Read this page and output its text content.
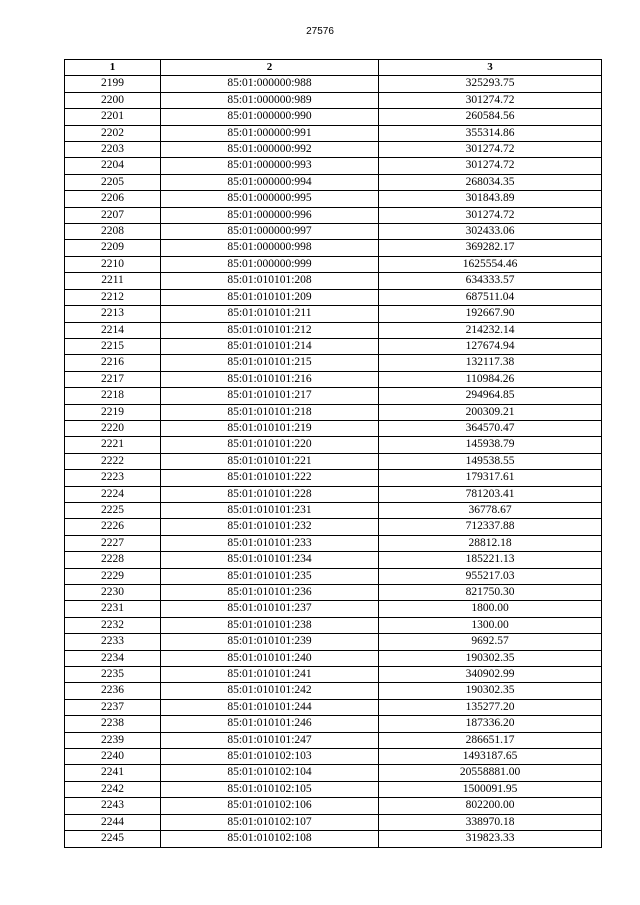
27576
1	2	3
2199	85:01:000000:988	325293.75
2200	85:01:000000:989	301274.72
2201	85:01:000000:990	260584.56
2202	85:01:000000:991	355314.86
2203	85:01:000000:992	301274.72
2204	85:01:000000:993	301274.72
2205	85:01:000000:994	268034.35
2206	85:01:000000:995	301843.89
2207	85:01:000000:996	301274.72
2208	85:01:000000:997	302433.06
2209	85:01:000000:998	369282.17
2210	85:01:000000:999	1625554.46
2211	85:01:010101:208	634333.57
2212	85:01:010101:209	687511.04
2213	85:01:010101:211	192667.90
2214	85:01:010101:212	214232.14
2215	85:01:010101:214	127674.94
2216	85:01:010101:215	132117.38
2217	85:01:010101:216	110984.26
2218	85:01:010101:217	294964.85
2219	85:01:010101:218	200309.21
2220	85:01:010101:219	364570.47
2221	85:01:010101:220	145938.79
2222	85:01:010101:221	149538.55
2223	85:01:010101:222	179317.61
2224	85:01:010101:228	781203.41
2225	85:01:010101:231	36778.67
2226	85:01:010101:232	712337.88
2227	85:01:010101:233	28812.18
2228	85:01:010101:234	185221.13
2229	85:01:010101:235	955217.03
2230	85:01:010101:236	821750.30
2231	85:01:010101:237	1800.00
2232	85:01:010101:238	1300.00
2233	85:01:010101:239	9692.57
2234	85:01:010101:240	190302.35
2235	85:01:010101:241	340902.99
2236	85:01:010101:242	190302.35
2237	85:01:010101:244	135277.20
2238	85:01:010101:246	187336.20
2239	85:01:010101:247	286651.17
2240	85:01:010102:103	1493187.65
2241	85:01:010102:104	20558881.00
2242	85:01:010102:105	1500091.95
2243	85:01:010102:106	802200.00
2244	85:01:010102:107	338970.18
2245	85:01:010102:108	319823.33
